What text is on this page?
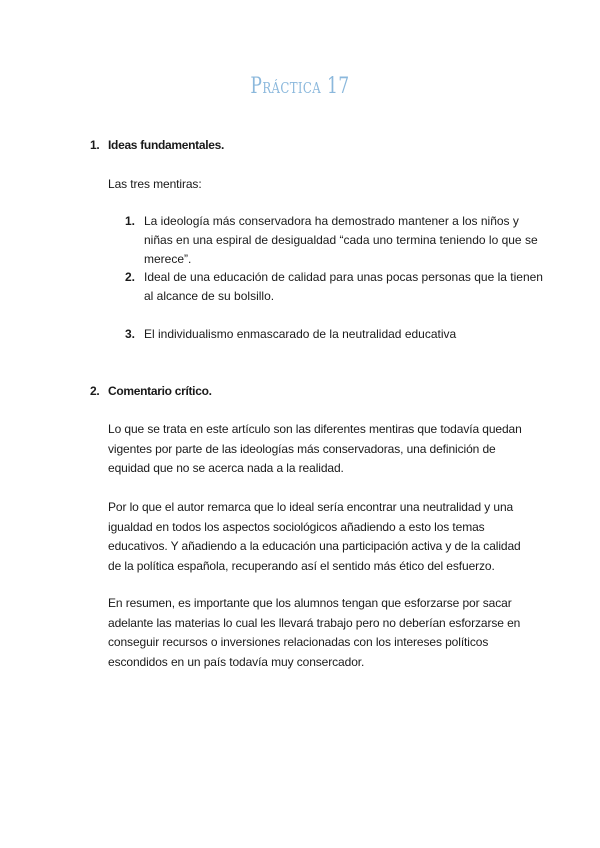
Práctica 17
1. Ideas fundamentales.
Las tres mentiras:
1. La ideología más conservadora ha demostrado mantener a los niños y niñas en una espiral de desigualdad “cada uno termina teniendo lo que se merece”.
2. Ideal de una educación de calidad para unas pocas personas que la tienen al alcance de su bolsillo.
3. El individualismo enmascarado de la neutralidad educativa
2. Comentario crítico.
Lo que se trata en este artículo son las diferentes mentiras que todavía quedan vigentes por parte de las ideologías más conservadoras, una definición de equidad que no se acerca nada a la realidad.
Por lo que el autor remarca que lo ideal sería encontrar una neutralidad y una igualdad en todos los aspectos sociológicos añadiendo a esto los temas educativos. Y añadiendo a la educación una participación activa y de la calidad de la política española, recuperando así el sentido más ético del esfuerzo.
En resumen, es importante que los alumnos tengan que esforzarse por sacar adelante las materias lo cual les llevará trabajo pero no deberían esforzarse en conseguir recursos o inversiones relacionadas con los intereses políticos escondidos en un país todavía muy consercador.
